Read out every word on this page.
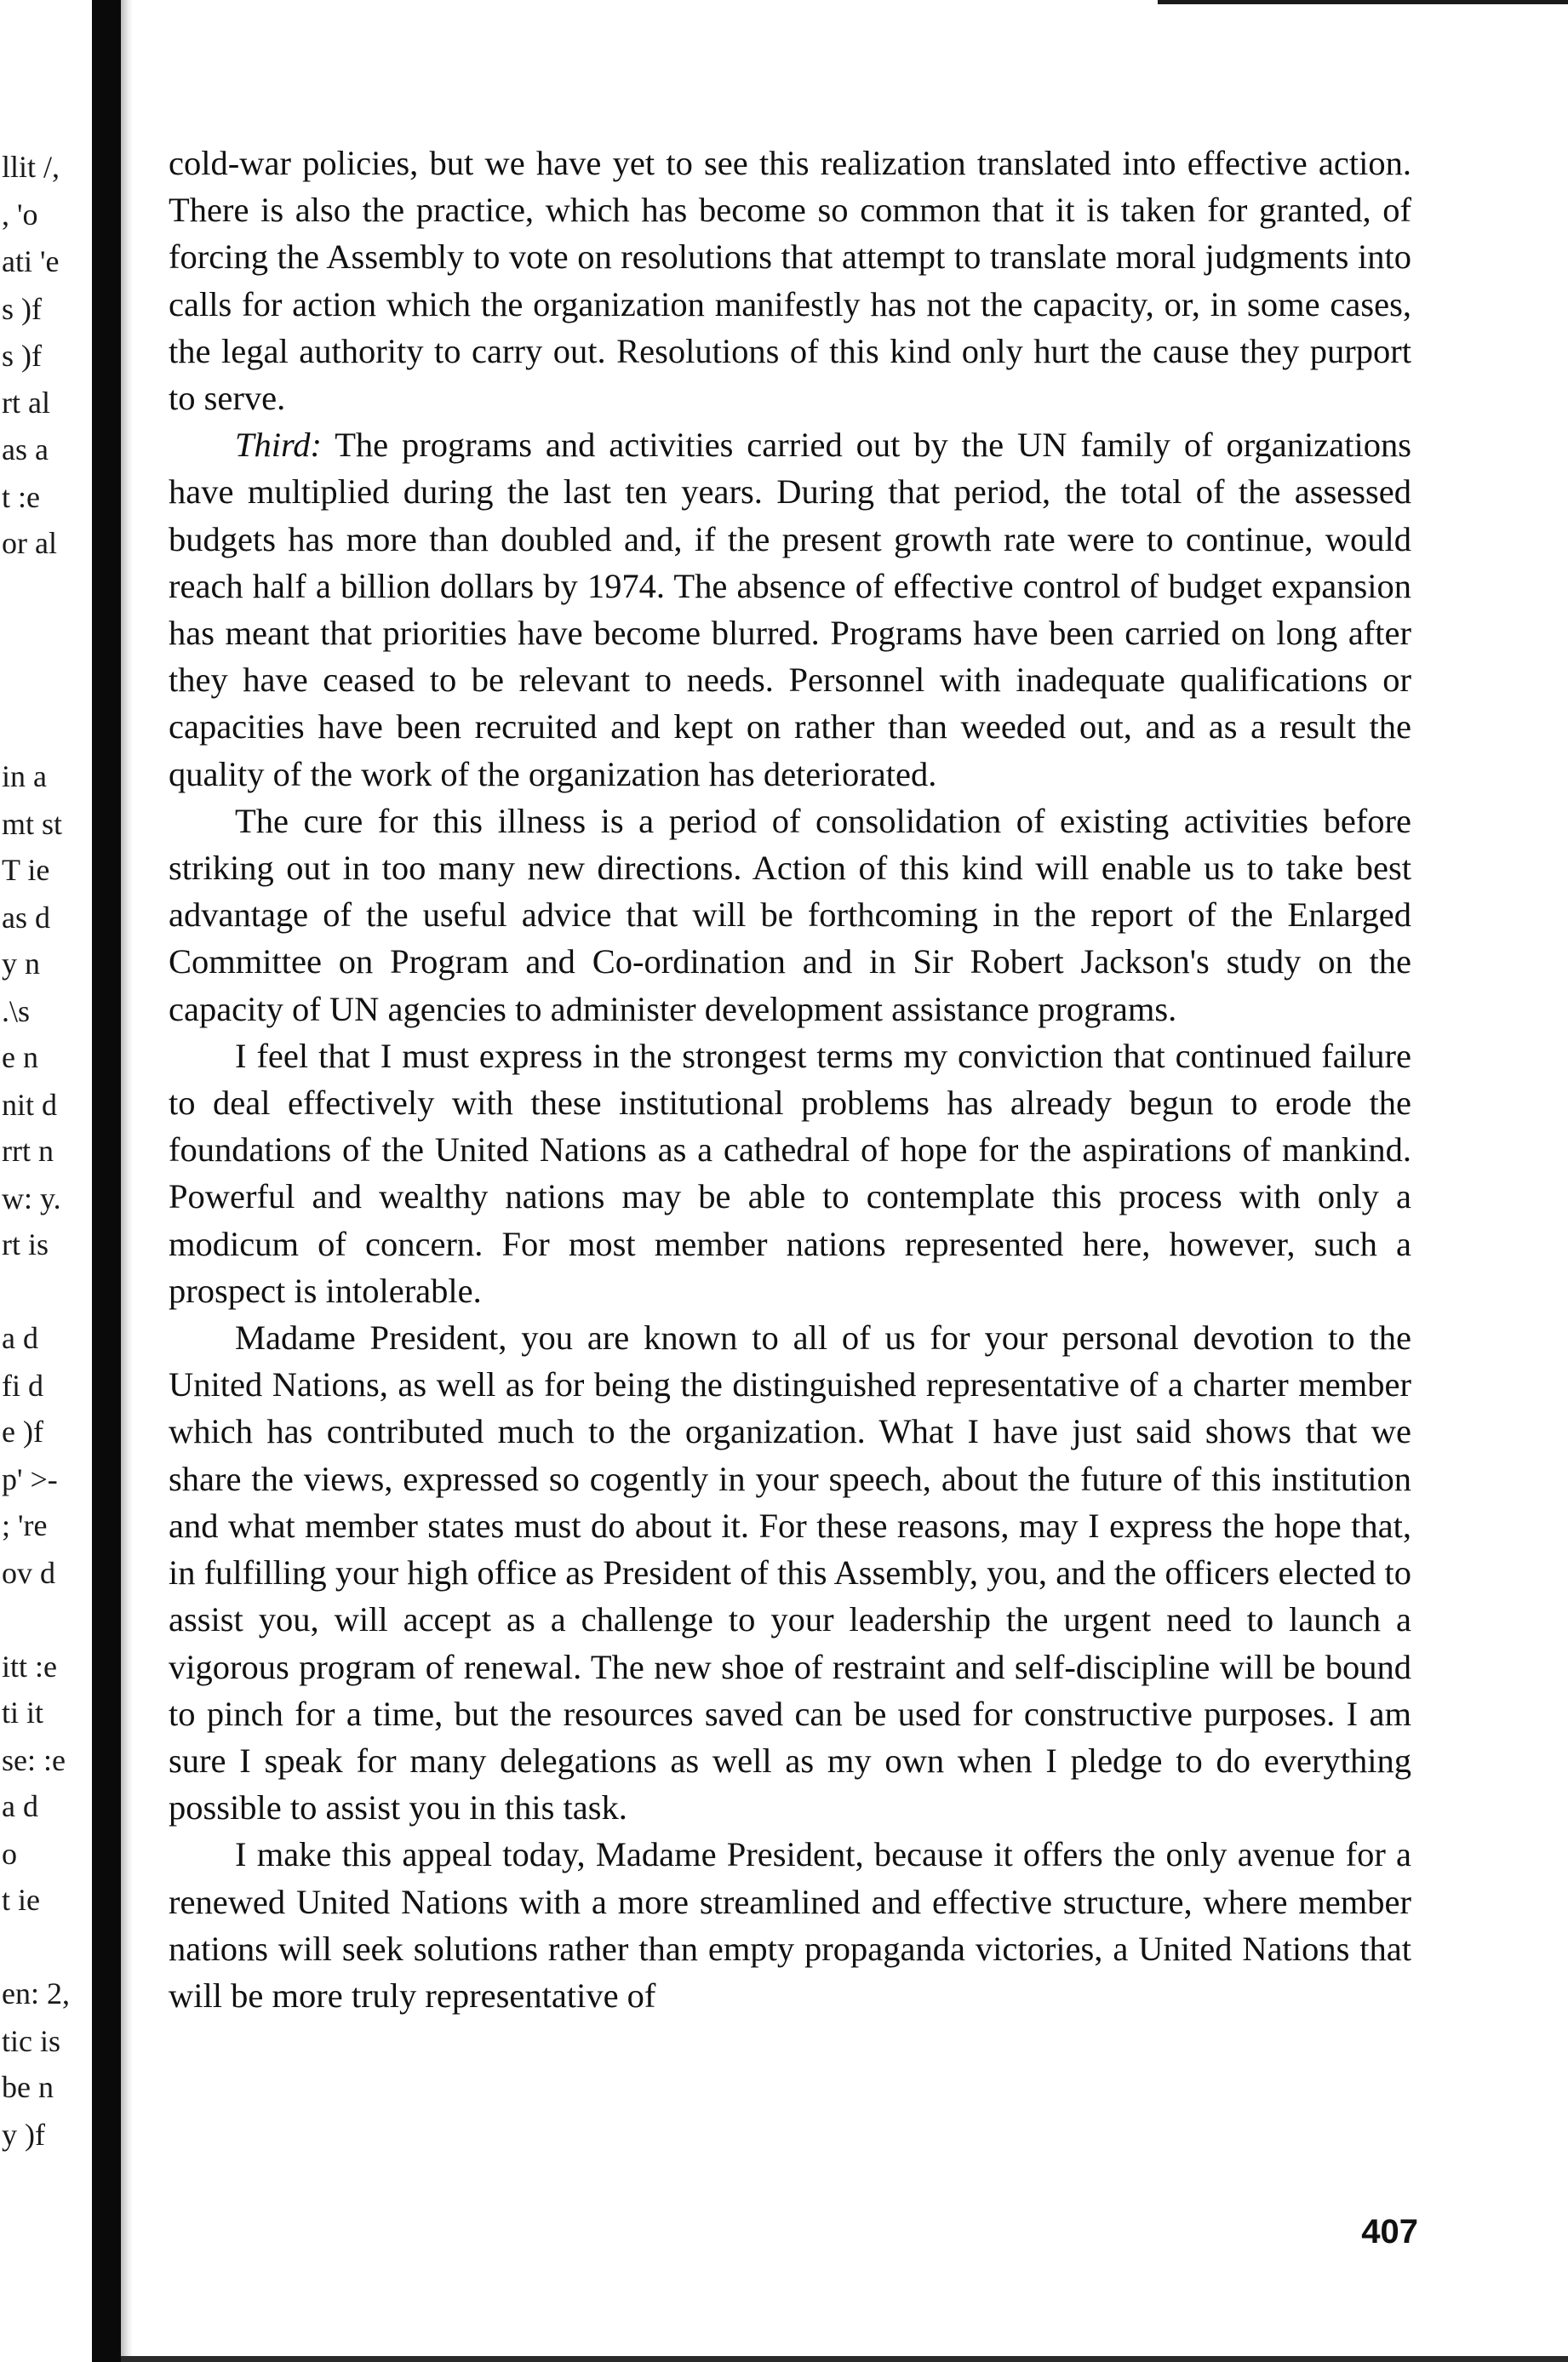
llit /,
, 'o
ati 'e
s )f
s )f
rt al
as a
t :e
or al
in a
mt st
T ie
as d
y n
.\s
e n
nit d
rrt n
w: y.
rt is
a d
fi d
e )f
p' >-
; 're
ov d
itt :e
ti it
se: :e
a d
o
t ie
en: 2,
tic is
be n
y )f

cold-war policies, but we have yet to see this realization translated into effective action. There is also the practice, which has become so common that it is taken for granted, of forcing the Assembly to vote on resolutions that attempt to translate moral judgments into calls for action which the organization manifestly has not the capacity, or, in some cases, the legal authority to carry out. Resolutions of this kind only hurt the cause they purport to serve.

Third: The programs and activities carried out by the UN family of organizations have multiplied during the last ten years. During that period, the total of the assessed budgets has more than doubled and, if the present growth rate were to continue, would reach half a billion dollars by 1974. The absence of effective control of budget expansion has meant that priorities have become blurred. Programs have been carried on long after they have ceased to be relevant to needs. Personnel with inadequate qualifications or capacities have been recruited and kept on rather than weeded out, and as a result the quality of the work of the organization has deteriorated.

The cure for this illness is a period of consolidation of existing activities before striking out in too many new directions. Action of this kind will enable us to take best advantage of the useful advice that will be forthcoming in the report of the Enlarged Committee on Program and Co-ordination and in Sir Robert Jackson's study on the capacity of UN agencies to administer development assistance programs.

I feel that I must express in the strongest terms my conviction that continued failure to deal effectively with these institutional problems has already begun to erode the foundations of the United Nations as a cathedral of hope for the aspirations of mankind. Powerful and wealthy nations may be able to contemplate this process with only a modicum of concern. For most member nations represented here, however, such a prospect is intolerable.

Madame President, you are known to all of us for your personal devotion to the United Nations, as well as for being the distinguished representative of a charter member which has contributed much to the organization. What I have just said shows that we share the views, expressed so cogently in your speech, about the future of this institution and what member states must do about it. For these reasons, may I express the hope that, in fulfilling your high office as President of this Assembly, you, and the officers elected to assist you, will accept as a challenge to your leadership the urgent need to launch a vigorous program of renewal. The new shoe of restraint and self-discipline will be bound to pinch for a time, but the resources saved can be used for constructive purposes. I am sure I speak for many delegations as well as my own when I pledge to do everything possible to assist you in this task.

I make this appeal today, Madame President, because it offers the only avenue for a renewed United Nations with a more streamlined and effective structure, where member nations will seek solutions rather than empty propaganda victories, a United Nations that will be more truly representative of

407
